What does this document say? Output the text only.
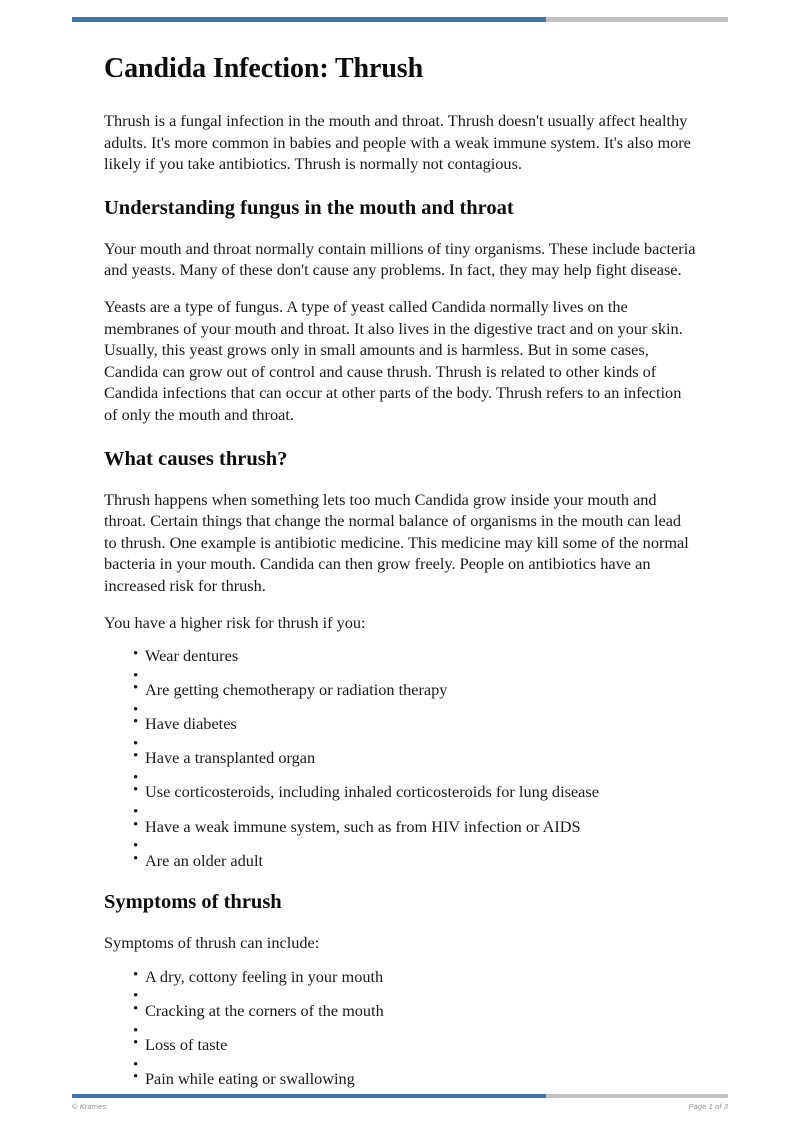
Candida Infection: Thrush

Thrush is a fungal infection in the mouth and throat. Thrush doesn't usually affect healthy adults. It's more common in babies and people with a weak immune system. It's also more likely if you take antibiotics. Thrush is normally not contagious.

Understanding fungus in the mouth and throat

Your mouth and throat normally contain millions of tiny organisms. These include bacteria and yeasts. Many of these don't cause any problems. In fact, they may help fight disease.

Yeasts are a type of fungus. A type of yeast called Candida normally lives on the membranes of your mouth and throat. It also lives in the digestive tract and on your skin. Usually, this yeast grows only in small amounts and is harmless. But in some cases, Candida can grow out of control and cause thrush. Thrush is related to other kinds of Candida infections that can occur at other parts of the body. Thrush refers to an infection of only the mouth and throat.

What causes thrush?

Thrush happens when something lets too much Candida grow inside your mouth and throat. Certain things that change the normal balance of organisms in the mouth can lead to thrush. One example is antibiotic medicine. This medicine may kill some of the normal bacteria in your mouth. Candida can then grow freely. People on antibiotics have an increased risk for thrush.

You have a higher risk for thrush if you:

• Wear dentures
•
• Are getting chemotherapy or radiation therapy
•
• Have diabetes
•
• Have a transplanted organ
•
• Use corticosteroids, including inhaled corticosteroids for lung disease
•
• Have a weak immune system, such as from HIV infection or AIDS
•
• Are an older adult
Symptoms of thrush

Symptoms of thrush can include:

• A dry, cottony feeling in your mouth
•
• Cracking at the corners of the mouth
•
• Loss of taste
•
• Pain while eating or swallowing
© Krames	Page 1 of 3
